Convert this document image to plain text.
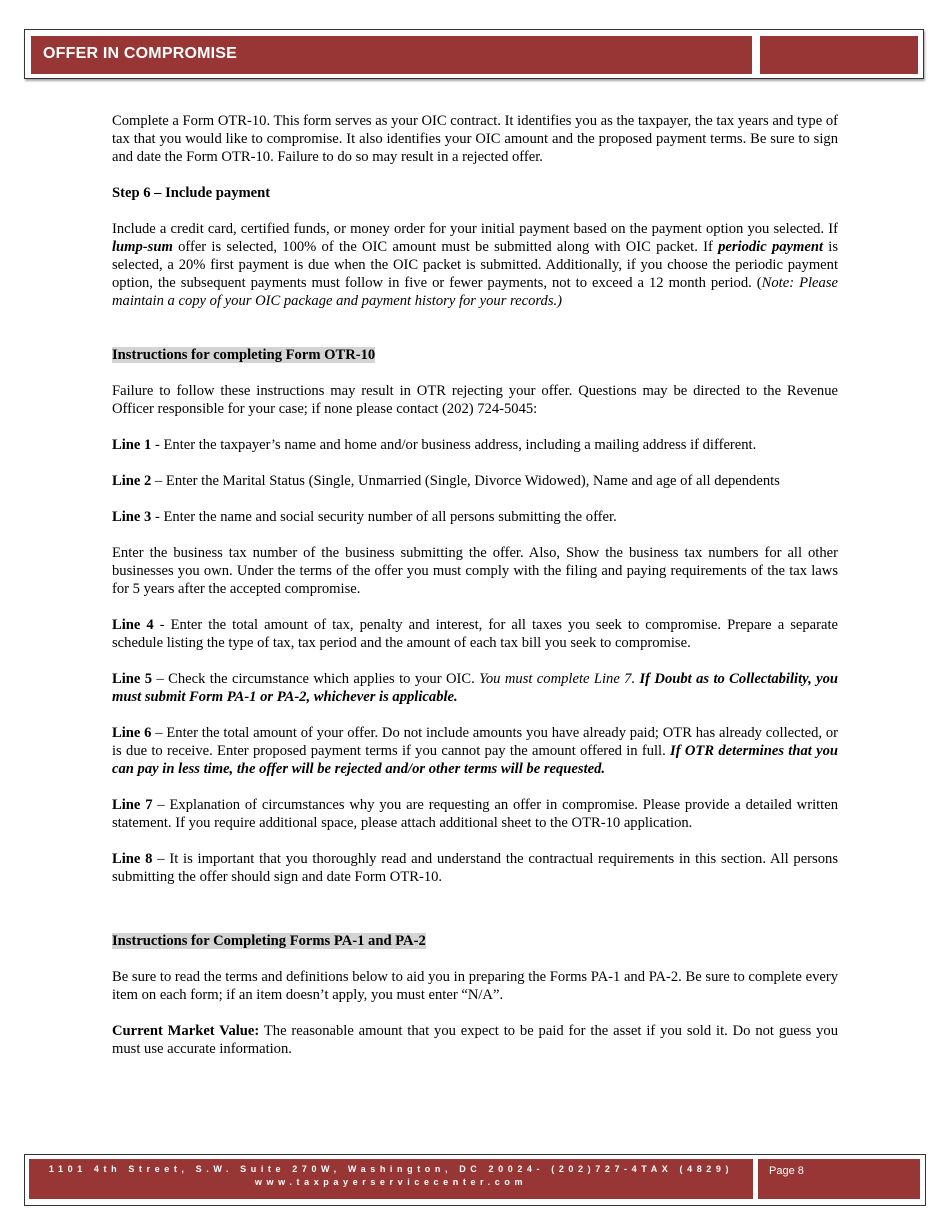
OFFER IN COMPROMISE

Complete a Form OTR-10. This form serves as your OIC contract. It identifies you as the taxpayer, the tax years and type of tax that you would like to compromise. It also identifies your OIC amount and the proposed payment terms. Be sure to sign and date the Form OTR-10. Failure to do so may result in a rejected offer.

Step 6 – Include payment

Include a credit card, certified funds, or money order for your initial payment based on the payment option you selected. If lump-sum offer is selected, 100% of the OIC amount must be submitted along with OIC packet. If periodic payment is selected, a 20% first payment is due when the OIC packet is submitted. Additionally, if you choose the periodic payment option, the subsequent payments must follow in five or fewer payments, not to exceed a 12 month period. (Note: Please maintain a copy of your OIC package and payment history for your records.)

Instructions for completing Form OTR-10

Failure to follow these instructions may result in OTR rejecting your offer. Questions may be directed to the Revenue Officer responsible for your case; if none please contact (202) 724-5045:

Line 1 - Enter the taxpayer’s name and home and/or business address, including a mailing address if different.

Line 2 – Enter the Marital Status (Single, Unmarried (Single, Divorce Widowed), Name and age of all dependents

Line 3 - Enter the name and social security number of all persons submitting the offer.

Enter the business tax number of the business submitting the offer. Also, Show the business tax numbers for all other businesses you own. Under the terms of the offer you must comply with the filing and paying requirements of the tax laws for 5 years after the accepted compromise.

Line 4 - Enter the total amount of tax, penalty and interest, for all taxes you seek to compromise. Prepare a separate schedule listing the type of tax, tax period and the amount of each tax bill you seek to compromise.

Line 5 – Check the circumstance which applies to your OIC. You must complete Line 7. If Doubt as to Collectability, you must submit Form PA-1 or PA-2, whichever is applicable.

Line 6 – Enter the total amount of your offer. Do not include amounts you have already paid; OTR has already collected, or is due to receive. Enter proposed payment terms if you cannot pay the amount offered in full. If OTR determines that you can pay in less time, the offer will be rejected and/or other terms will be requested.

Line 7 – Explanation of circumstances why you are requesting an offer in compromise. Please provide a detailed written statement. If you require additional space, please attach additional sheet to the OTR-10 application.

Line 8 – It is important that you thoroughly read and understand the contractual requirements in this section. All persons submitting the offer should sign and date Form OTR-10.

Instructions for Completing Forms PA-1 and PA-2

Be sure to read the terms and definitions below to aid you in preparing the Forms PA-1 and PA-2. Be sure to complete every item on each form; if an item doesn’t apply, you must enter “N/A”.

Current Market Value: The reasonable amount that you expect to be paid for the asset if you sold it. Do not guess you must use accurate information.

1101 4th Street, S.W. Suite 270W, Washington, DC 20024- (202)727-4TAX (4829)
www.taxpayerservicecenter.com
Page 8
